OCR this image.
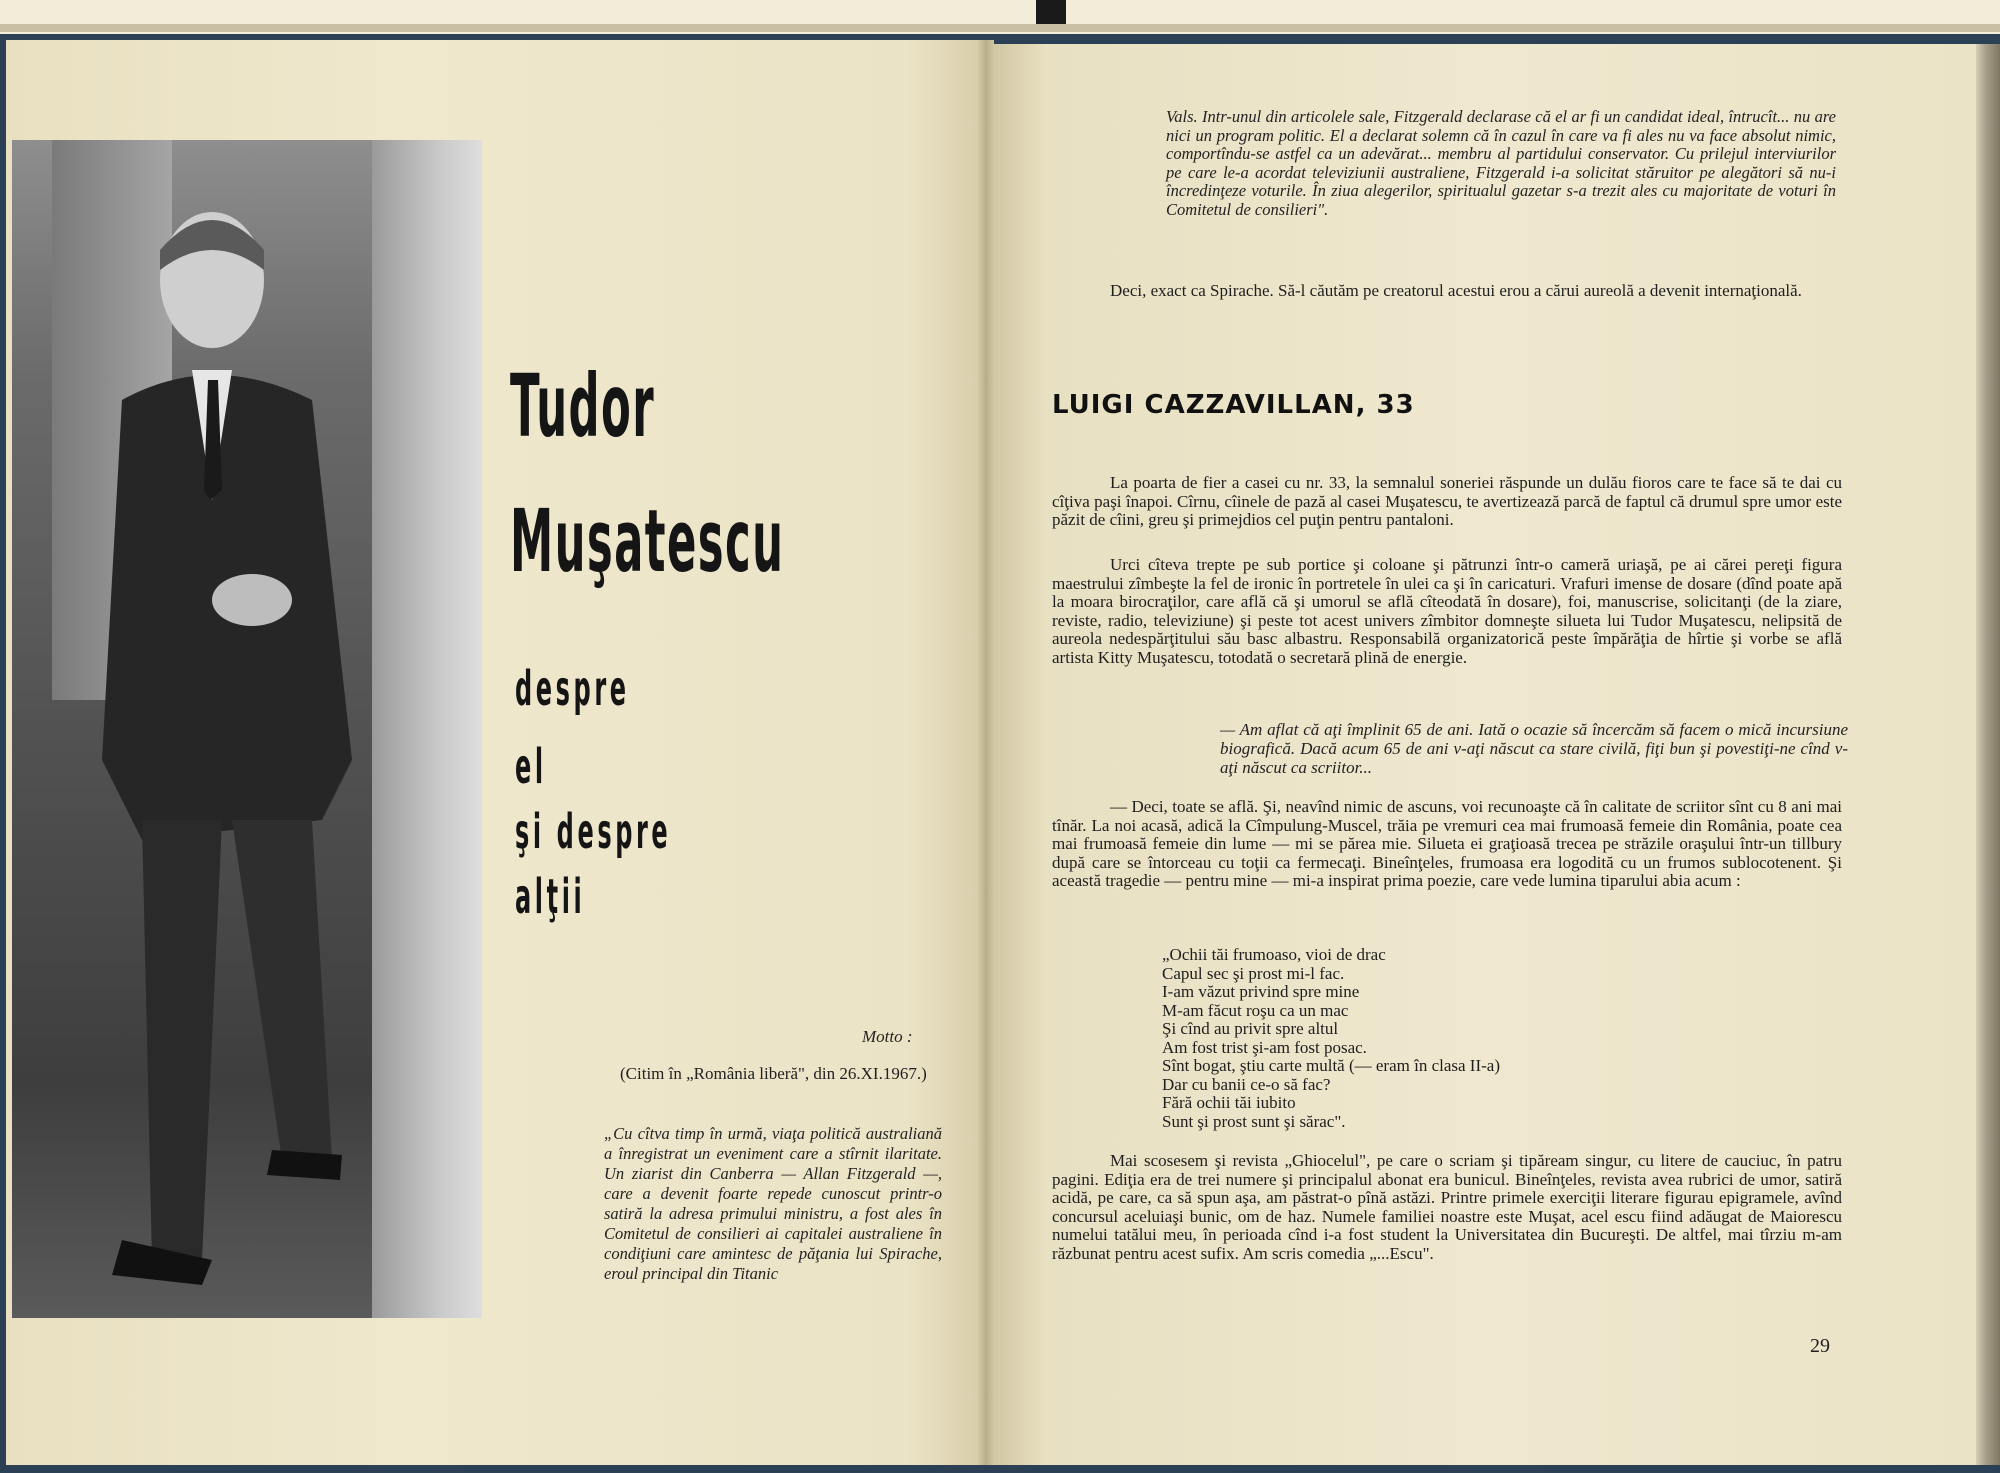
Tudor
Muşatescu
despre
el
şi despre
alţii
Motto :
(Citim în „România liberă", din 26.XI.1967.)
„Cu cîtva timp în urmă, viaţa politică australiană a înregistrat un eveniment care a stîrnit ilaritate. Un ziarist din Canberra — Allan Fitzgerald —, care a devenit foarte repede cunoscut printr-o satiră la adresa primului ministru, a fost ales în Comitetul de consilieri ai capitalei australiene în condiţiuni care amintesc de păţania lui Spirache, eroul principal din Titanic
Vals. Intr-unul din articolele sale, Fitzgerald declarase că el ar fi un candidat ideal, întrucît... nu are nici un program politic. El a declarat solemn că în cazul în care va fi ales nu va face absolut nimic, comportîndu-se astfel ca un adevărat... membru al partidului conservator. Cu prilejul interviurilor pe care le-a acordat televiziunii australiene, Fitzgerald i-a solicitat stăruitor pe alegători să nu-i încredinţeze voturile. În ziua alegerilor, spiritualul gazetar s-a trezit ales cu majoritate de voturi în Comitetul de consilieri".
Deci, exact ca Spirache. Să-l căutăm pe creatorul acestui erou a cărui aureolă a devenit internaţională.
LUIGI CAZZAVILLAN, 33
La poarta de fier a casei cu nr. 33, la semnalul soneriei răspunde un dulău fioros care te face să te dai cu cîţiva paşi înapoi. Cîrnu, cîinele de pază al casei Muşatescu, te avertizează parcă de faptul că drumul spre umor este păzit de cîini, greu şi primejdios cel puţin pentru pantaloni.
Urci cîteva trepte pe sub portice şi coloane şi pătrunzi într-o cameră uriaşă, pe ai cărei pereţi figura maestrului zîmbeşte la fel de ironic în portretele în ulei ca şi în caricaturi. Vrafuri imense de dosare (dînd poate apă la moara birocraţilor, care află că şi umorul se află cîteodată în dosare), foi, manuscrise, solicitanţi (de la ziare, reviste, radio, televiziune) şi peste tot acest univers zîmbitor domneşte silueta lui Tudor Muşatescu, nelipsită de aureola nedespărţitului său basc albastru. Responsabilă organizatorică peste împărăţia de hîrtie şi vorbe se află artista Kitty Muşatescu, totodată o secretară plină de energie.
— Am aflat că aţi împlinit 65 de ani. Iată o ocazie să încercăm să facem o mică incursiune biografică. Dacă acum 65 de ani v-aţi născut ca stare civilă, fiţi bun şi povestiţi-ne cînd v-aţi născut ca scriitor...
— Deci, toate se află. Şi, neavînd nimic de ascuns, voi recunoaşte că în calitate de scriitor sînt cu 8 ani mai tînăr. La noi acasă, adică la Cîmpulung-Muscel, trăia pe vremuri cea mai frumoasă femeie din România, poate cea mai frumoasă femeie din lume — mi se părea mie. Silueta ei graţioasă trecea pe străzile oraşului într-un tillbury după care se întorceau cu toţii ca fermecaţi. Bineînţeles, frumoasa era logodită cu un frumos sublocotenent. Şi această tragedie — pentru mine — mi-a inspirat prima poezie, care vede lumina tiparului abia acum :
„Ochii tăi frumoaso, vioi de drac
Capul sec şi prost mi-l fac.
I-am văzut privind spre mine
M-am făcut roşu ca un mac
Şi cînd au privit spre altul
Am fost trist şi-am fost posac.
Sînt bogat, ştiu carte multă (— eram în clasa II-a)
Dar cu banii ce-o să fac?
Fără ochii tăi iubito
Sunt şi prost sunt şi sărac".
Mai scosesem şi revista „Ghiocelul", pe care o scriam şi tipăream singur, cu litere de cauciuc, în patru pagini. Ediţia era de trei numere şi principalul abonat era bunicul. Bineînţeles, revista avea rubrici de umor, satiră acidă, pe care, ca să spun aşa, am păstrat-o pînă astăzi. Printre primele exerciţii literare figurau epigramele, avînd concursul aceluiaşi bunic, om de haz. Numele familiei noastre este Muşat, acel escu fiind adăugat de Maiorescu numelui tatălui meu, în perioada cînd i-a fost student la Universitatea din Bucureşti. De altfel, mai tîrziu m-am răzbunat pentru acest sufix. Am scris comedia „...Escu".
29
